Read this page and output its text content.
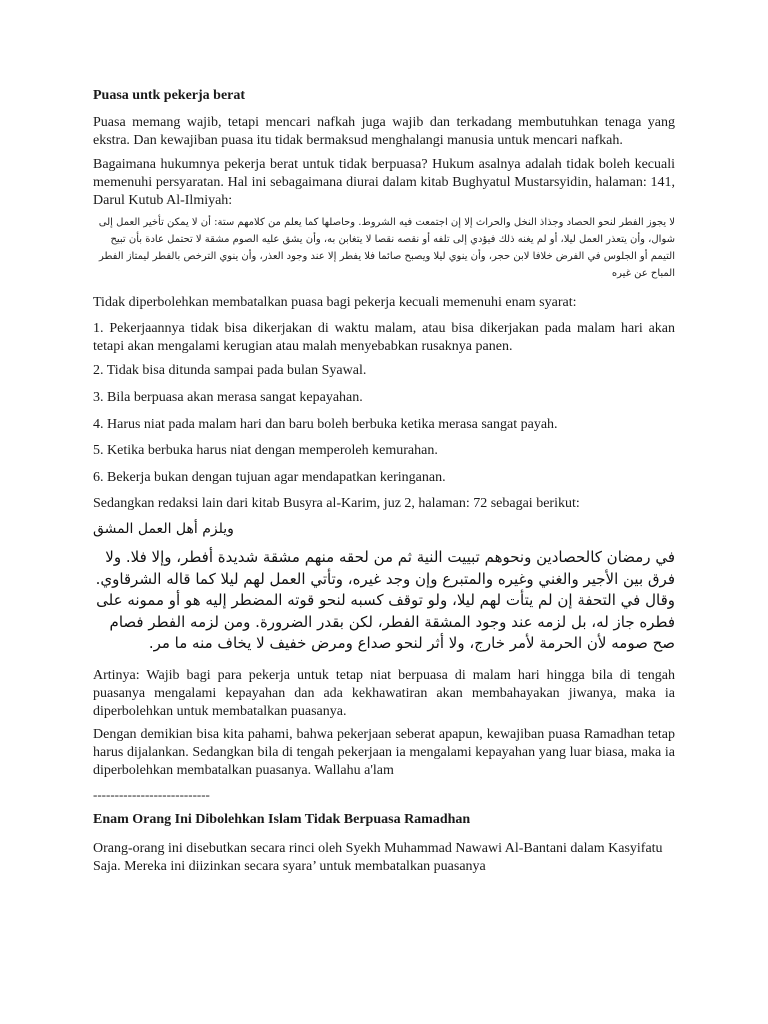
Puasa untk pekerja berat

Puasa memang wajib, tetapi mencari nafkah juga wajib dan terkadang membutuhkan tenaga yang ekstra. Dan kewajiban puasa itu tidak bermaksud menghalangi manusia untuk mencari nafkah.

Bagaimana hukumnya pekerja berat untuk tidak berpuasa? Hukum asalnya adalah tidak boleh kecuali memenuhi persyaratan. Hal ini sebagaimana diurai dalam kitab Bughyatul Mustarsyidin, halaman: 141, Darul Kutub Al-Ilmiyah:

لا يجوز الفطر لنحو الحصاد وجذاذ النخل والحراث إلا إن اجتمعت فيه الشروط. وحاصلها كما يعلم من كلامهم ستة: أن لا يمكن تأخير العمل إلى شوال، وأن يتعذر العمل ليلا، أو لم يغنه ذلك فيؤدي إلى تلفه أو نقصه نقصا لا يتغابن به، وأن يشق عليه الصوم مشقة لا تحتمل عادة بأن تبيح التيمم أو الجلوس في الفرض خلافا لابن حجر، وأن ينوي ليلا ويصبح صائما فلا يفطر إلا عند وجود العذر، وأن ينوي الترخص بالفطر ليمتاز الفطر المباح عن غيره

Tidak diperbolehkan membatalkan puasa bagi pekerja kecuali memenuhi enam syarat:

1. Pekerjaannya tidak bisa dikerjakan di waktu malam, atau bisa dikerjakan pada malam hari akan tetapi akan mengalami kerugian atau malah menyebabkan rusaknya panen.

2. Tidak bisa ditunda sampai pada bulan Syawal.

3. Bila berpuasa akan merasa sangat kepayahan.

4. Harus niat pada malam hari dan baru boleh berbuka ketika merasa sangat payah.

5. Ketika berbuka harus niat dengan memperoleh kemurahan.

6. Bekerja bukan dengan tujuan agar mendapatkan keringanan.

Sedangkan redaksi lain dari kitab Busyra al-Karim, juz 2, halaman: 72 sebagai berikut:

ويلزم أهل العمل المشق

في رمضان كالحصادين ونحوهم تبييت النية ثم من لحقه منهم مشقة شديدة أفطر، وإلا فلا. ولا فرق بين الأجير والغني وغيره والمتبرع وإن وجد غيره، وتأتي العمل لهم ليلا كما قاله الشرقاوي. وقال في التحفة إن لم يتأت لهم ليلا، ولو توقف كسبه لنحو قوته المضطر إليه هو أو ممونه على فطره جاز له، بل لزمه عند وجود المشقة الفطر، لكن بقدر الضرورة. ومن لزمه الفطر فصام صح صومه لأن الحرمة لأمر خارج، ولا أثر لنحو صداع ومرض خفيف لا يخاف منه ما مر.

Artinya: Wajib bagi para pekerja untuk tetap niat berpuasa di malam hari hingga bila di tengah puasanya mengalami kepayahan dan ada kekhawatiran akan membahayakan jiwanya, maka ia diperbolehkan untuk membatalkan puasanya.

Dengan demikian bisa kita pahami, bahwa pekerjaan seberat apapun, kewajiban puasa Ramadhan tetap harus dijalankan. Sedangkan bila di tengah pekerjaan ia mengalami kepayahan yang luar biasa, maka ia diperbolehkan membatalkan puasanya. Wallahu a'lam

---------------------------
Enam Orang Ini Dibolehkan Islam Tidak Berpuasa Ramadhan

Orang-orang ini disebutkan secara rinci oleh Syekh Muhammad Nawawi Al-Bantani dalam Kasyifatu Saja. Mereka ini diizinkan secara syara’ untuk membatalkan puasanya
